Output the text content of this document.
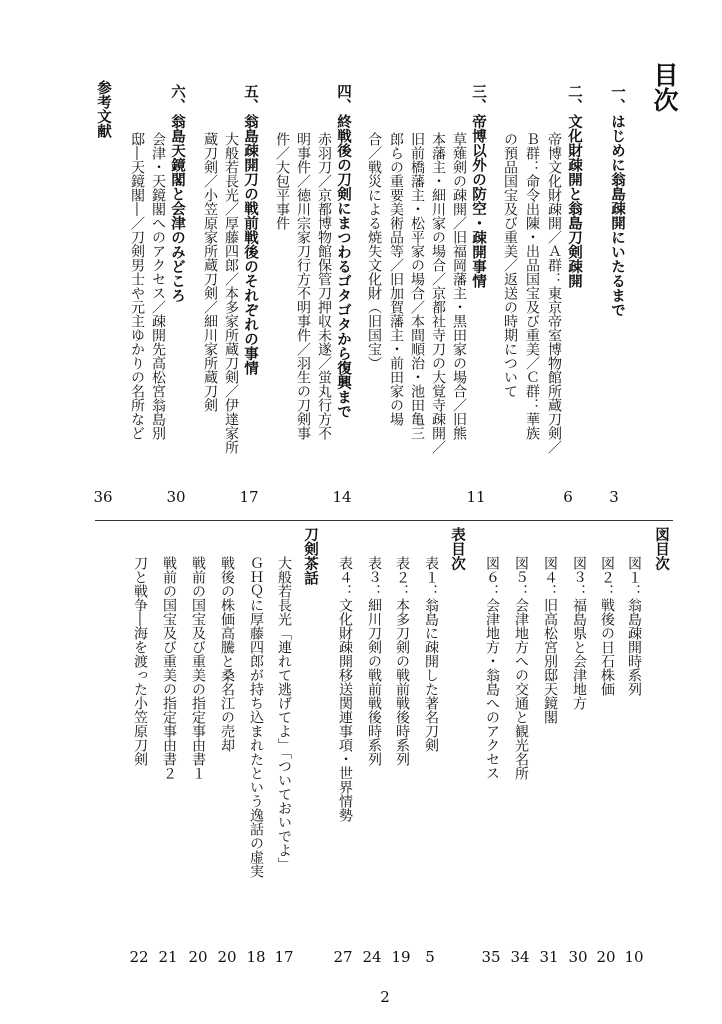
目次
一、
はじめに翁島疎開にいたるまで
3
二、
文化財疎開と翁島刀剣疎開
帝博文化財疎開／Ａ群：東京帝室博物館所蔵刀剣／
Ｂ群：命令出陳・出品国宝及び重美／Ｃ群：華族
の預品国宝及び重美／返送の時期について
6
三、
帝博以外の防空・疎開事情
草薙剣の疎開／旧福岡藩主・黒田家の場合／旧熊
本藩主・細川家の場合／京都社寺刀の大覚寺疎開／
旧前橋藩主・松平家の場合／本間順治・池田亀三
郎らの重要美術品等／旧加賀藩主・前田家の場
合／戦災による焼失文化財（旧国宝）
11
四、
終戦後の刀剣にまつわるゴタゴタから復興まで
赤羽刀／京都博物館保管刀押収未遂／蛍丸行方不
明事件／徳川宗家刀行方不明事件／羽生の刀剣事
件／大包平事件
14
五、
翁島疎開刀の戦前戦後のそれぞれの事情
大般若長光／厚藤四郎／本多家所蔵刀剣／伊達家所
蔵刀剣／小笠原家所蔵刀剣／細川家所蔵刀剣
17
六、
翁島天鏡閣と会津のみどころ
会津・天鏡閣へのアクセス／疎開先高松宮翁島別
邸―天鏡閣―／刀剣男士や元主ゆかりの名所など
30
参考文献
36
図目次
図１：翁島疎開時系列
図２：戦後の日石株価
図３：福島県と会津地方
図４：旧高松宮別邸天鏡閣
図５：会津地方への交通と観光名所
図６：会津地方・翁島へのアクセス
10
20
30
31
34
35
表目次
表１：翁島に疎開した著名刀剣
表２：本多刀剣の戦前戦後時系列
表３：細川刀剣の戦前戦後時系列
表４：文化財疎開移送関連事項・世界情勢
5
19
24
27
刀剣茶話
大般若長光「連れて逃げてよ」「ついておいでよ」
ＧＨＱに厚藤四郎が持ち込まれたという逸話の虚実
戦後の株価高騰と桑名江の売却
戦前の国宝及び重美の指定事由書１
戦前の国宝及び重美の指定事由書２
刀と戦争―海を渡った小笠原刀剣
17
18
20
20
21
22
2
